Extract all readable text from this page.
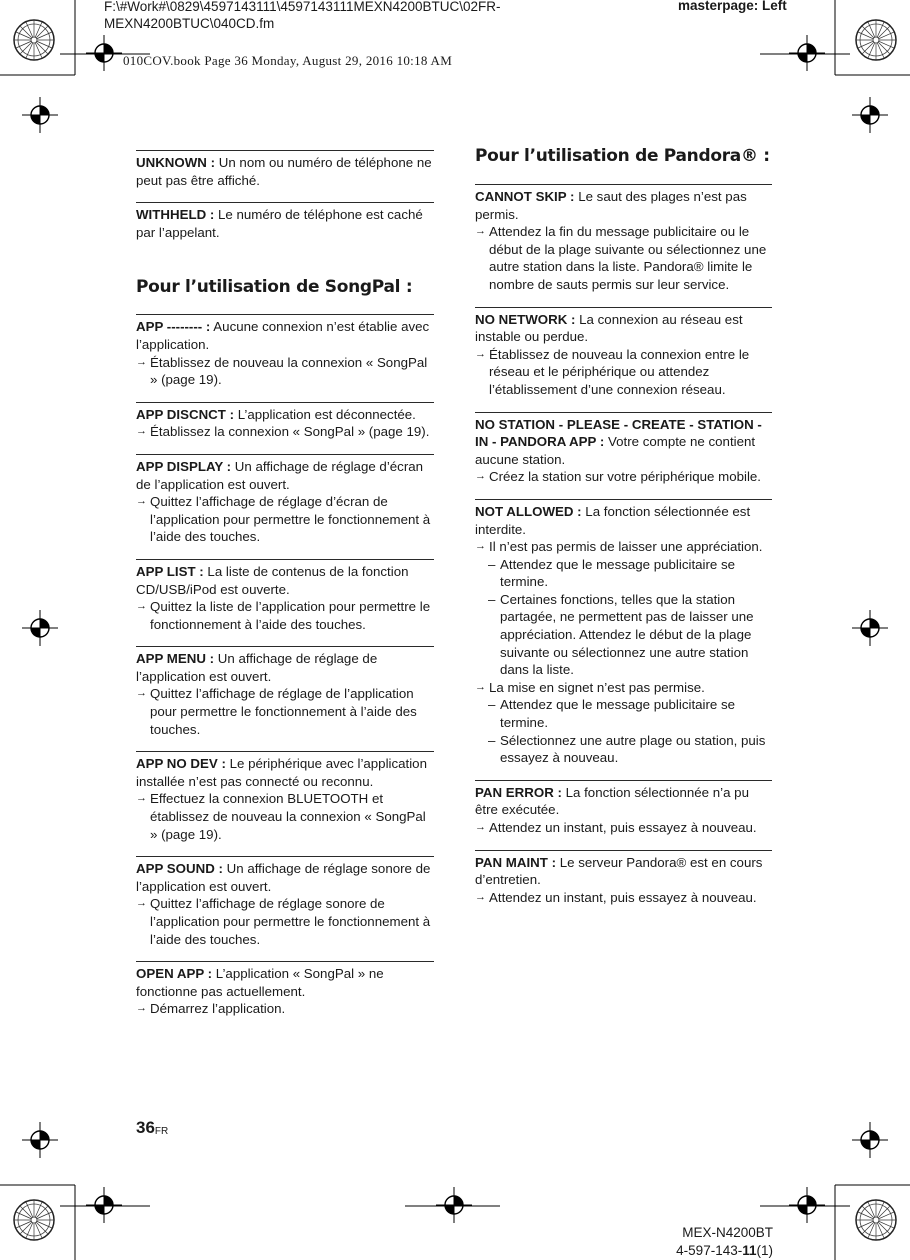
F:\#Work#\0829\4597143111\4597143111MEXN4200BTUC\02FR-
MEXN4200BTUC\040CD.fm
masterpage: Left
010COV.book Page 36 Monday, August 29, 2016 10:18 AM
UNKNOWN : Un nom ou numéro de téléphone ne peut pas être affiché.
WITHHELD : Le numéro de téléphone est caché par l’appelant.
Pour l’utilisation de SongPal :
APP -------- : Aucune connexion n’est établie avec l’application.
→ Établissez de nouveau la connexion « SongPal » (page 19).
APP DISCNCT : L’application est déconnectée.
→ Établissez la connexion « SongPal » (page 19).
APP DISPLAY : Un affichage de réglage d’écran de l’application est ouvert.
→ Quittez l’affichage de réglage d’écran de l’application pour permettre le fonctionnement à l’aide des touches.
APP LIST : La liste de contenus de la fonction CD/USB/iPod est ouverte.
→ Quittez la liste de l’application pour permettre le fonctionnement à l’aide des touches.
APP MENU : Un affichage de réglage de l’application est ouvert.
→ Quittez l’affichage de réglage de l’application pour permettre le fonctionnement à l’aide des touches.
APP NO DEV : Le périphérique avec l’application installée n’est pas connecté ou reconnu.
→ Effectuez la connexion BLUETOOTH et établissez de nouveau la connexion « SongPal » (page 19).
APP SOUND : Un affichage de réglage sonore de l’application est ouvert.
→ Quittez l’affichage de réglage sonore de l’application pour permettre le fonctionnement à l’aide des touches.
OPEN APP : L’application « SongPal » ne fonctionne pas actuellement.
→ Démarrez l’application.
Pour l’utilisation de Pandora® :
CANNOT SKIP : Le saut des plages n’est pas permis.
→ Attendez la fin du message publicitaire ou le début de la plage suivante ou sélectionnez une autre station dans la liste. Pandora® limite le nombre de sauts permis sur leur service.
NO NETWORK : La connexion au réseau est instable ou perdue.
→ Établissez de nouveau la connexion entre le réseau et le périphérique ou attendez l’établissement d’une connexion réseau.
NO STATION - PLEASE - CREATE - STATION - IN - PANDORA APP : Votre compte ne contient aucune station.
→ Créez la station sur votre périphérique mobile.
NOT ALLOWED : La fonction sélectionnée est interdite.
→ Il n’est pas permis de laisser une appréciation.
– Attendez que le message publicitaire se termine.
– Certaines fonctions, telles que la station partagée, ne permettent pas de laisser une appréciation. Attendez le début de la plage suivante ou sélectionnez une autre station dans la liste.
→ La mise en signet n’est pas permise.
– Attendez que le message publicitaire se termine.
– Sélectionnez une autre plage ou station, puis essayez à nouveau.
PAN ERROR : La fonction sélectionnée n’a pu être exécutée.
→ Attendez un instant, puis essayez à nouveau.
PAN MAINT : Le serveur Pandora® est en cours d’entretien.
→ Attendez un instant, puis essayez à nouveau.
$36_{FR}$
MEX-N4200BT
4-597-143-11(1)
